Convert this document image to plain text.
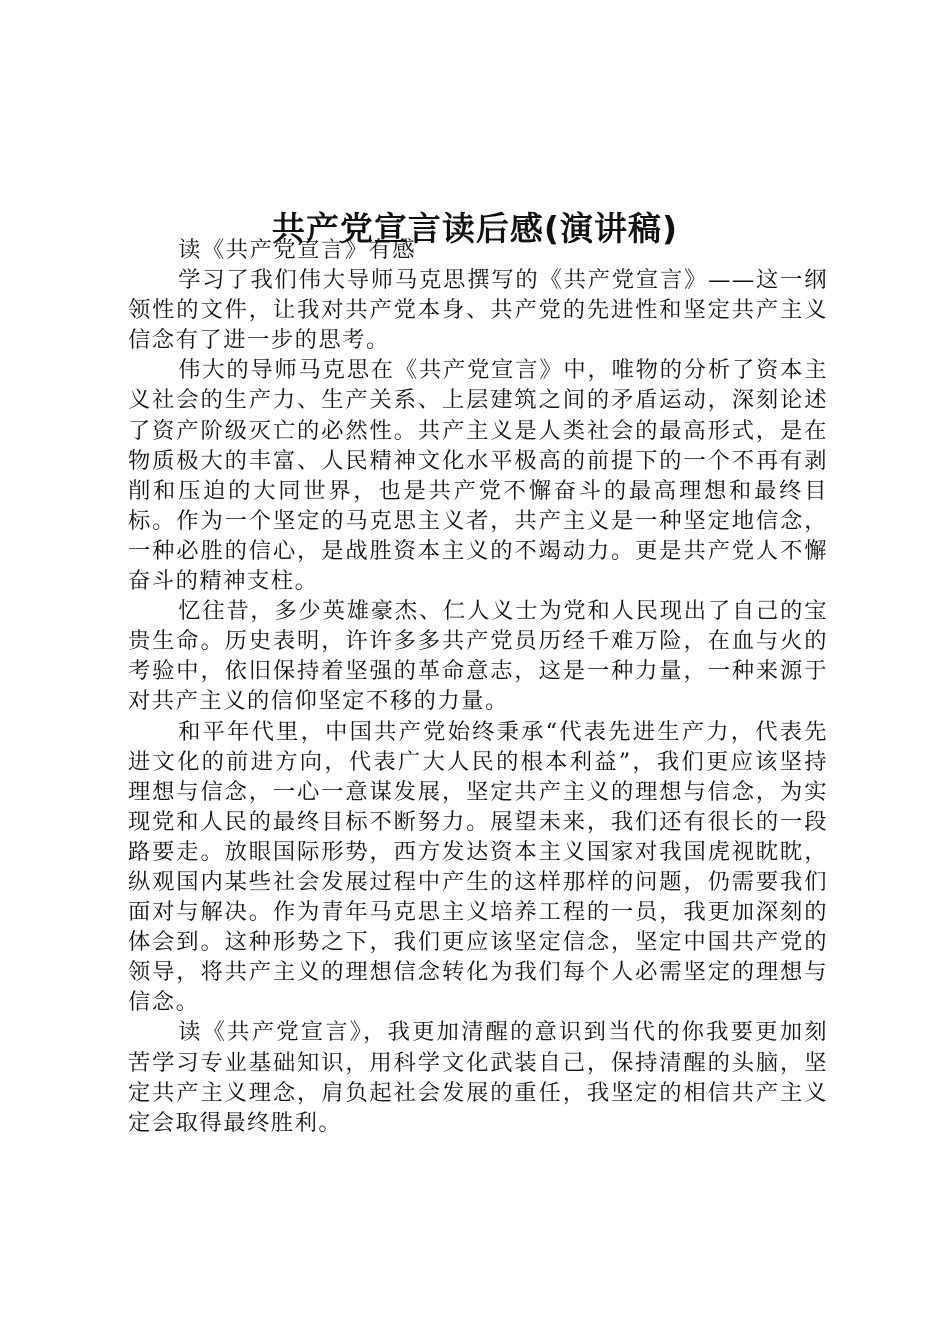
共产党宣言读后感(演讲稿)

读《共产党宣言》有感

学习了我们伟大导师马克思撰写的《共产党宣言》——这一纲领性的文件，让我对共产党本身、共产党的先进性和坚定共产主义信念有了进一步的思考。

伟大的导师马克思在《共产党宣言》中，唯物的分析了资本主义社会的生产力、生产关系、上层建筑之间的矛盾运动，深刻论述了资产阶级灭亡的必然性。共产主义是人类社会的最高形式，是在物质极大的丰富、人民精神文化水平极高的前提下的一个不再有剥削和压迫的大同世界，也是共产党不懈奋斗的最高理想和最终目标。作为一个坚定的马克思主义者，共产主义是一种坚定地信念，一种必胜的信心，是战胜资本主义的不竭动力。更是共产党人不懈奋斗的精神支柱。

忆往昔，多少英雄豪杰、仁人义士为党和人民现出了自己的宝贵生命。历史表明，许许多多共产党员历经千难万险，在血与火的考验中，依旧保持着坚强的革命意志，这是一种力量，一种来源于对共产主义的信仰坚定不移的力量。

和平年代里，中国共产党始终秉承“代表先进生产力，代表先进文化的前进方向，代表广大人民的根本利益”，我们更应该坚持理想与信念，一心一意谋发展，坚定共产主义的理想与信念，为实现党和人民的最终目标不断努力。展望未来，我们还有很长的一段路要走。放眼国际形势，西方发达资本主义国家对我国虎视眈眈，纵观国内某些社会发展过程中产生的这样那样的问题，仍需要我们面对与解决。作为青年马克思主义培养工程的一员，我更加深刻的体会到。这种形势之下，我们更应该坚定信念，坚定中国共产党的领导，将共产主义的理想信念转化为我们每个人必需坚定的理想与信念。

读《共产党宣言》，我更加清醒的意识到当代的你我要更加刻苦学习专业基础知识，用科学文化武装自己，保持清醒的头脑，坚定共产主义理念，肩负起社会发展的重任，我坚定的相信共产主义定会取得最终胜利。
